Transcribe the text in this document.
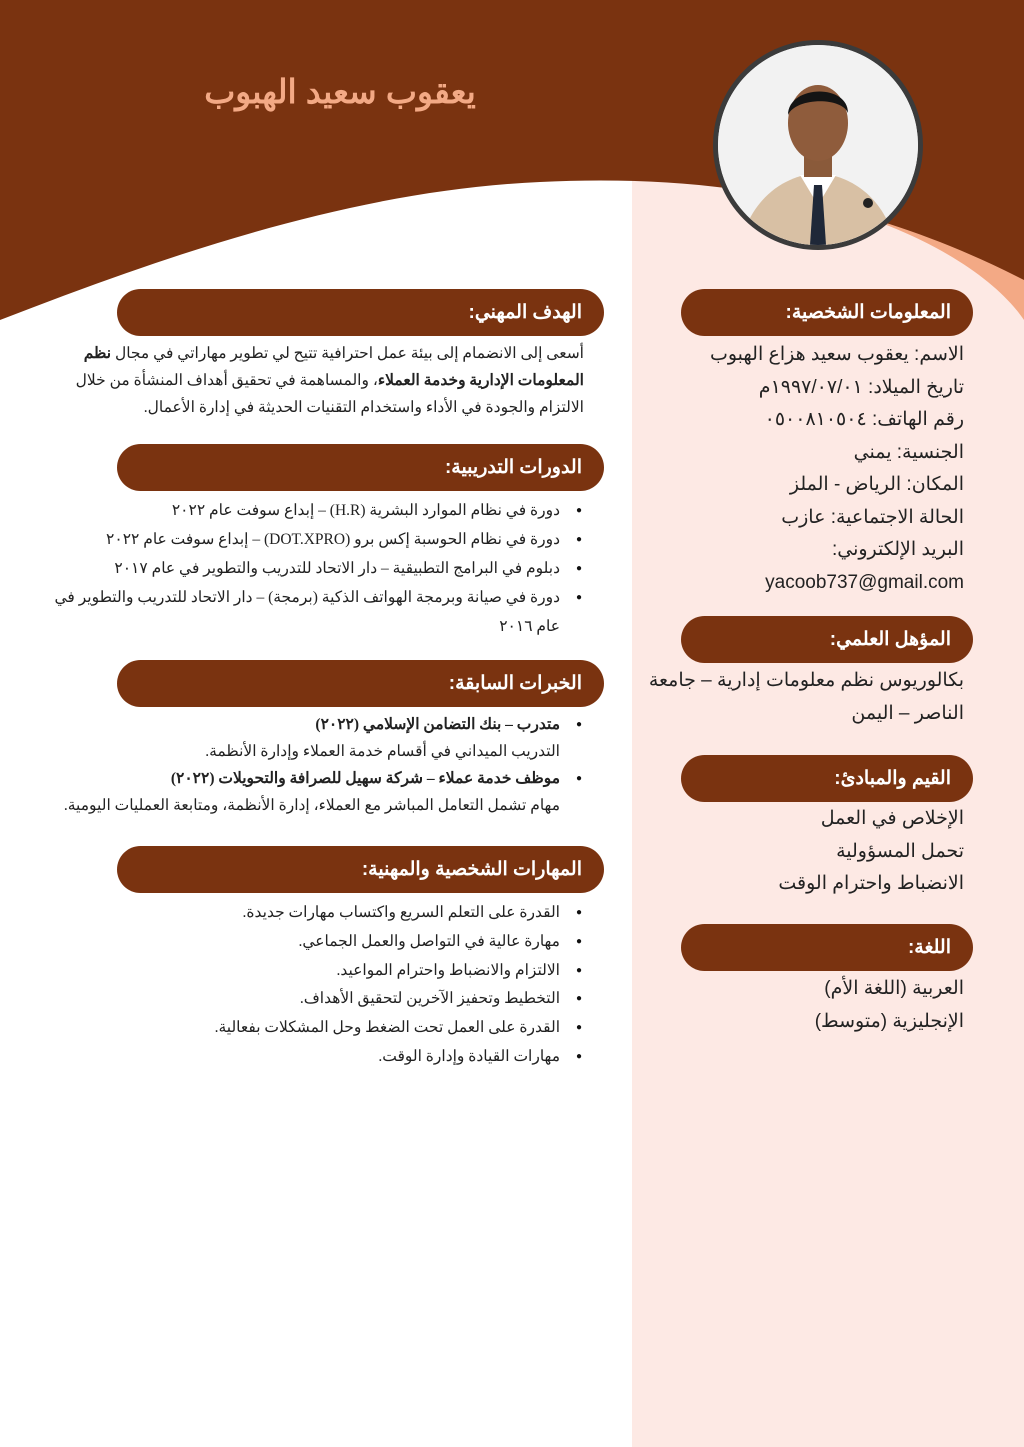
يعقوب سعيد الهبوب
المعلومات الشخصية:
الاسم: يعقوب سعيد هزاع الهبوب
تاريخ الميلاد: ١٩٩٧/٠٧/٠١م
رقم الهاتف: ٠٥٠٠٨١٠٥٠٤
الجنسية: يمني
المكان: الرياض - الملز
الحالة الاجتماعية: عازب
البريد الإلكتروني:
yacoob737@gmail.com
المؤهل العلمي:
بكالوريوس نظم معلومات إدارية – جامعة الناصر – اليمن
القيم والمبادئ:
الإخلاص في العمل
تحمل المسؤولية
الانضباط واحترام الوقت
اللغة:
العربية (اللغة الأم)
الإنجليزية (متوسط)
الهدف المهني:

أسعى إلى الانضمام إلى بيئة عمل احترافية تتيح لي تطوير مهاراتي في مجال نظم المعلومات الإدارية وخدمة العملاء، والمساهمة في تحقيق أهداف المنشأة من خلال الالتزام والجودة في الأداء واستخدام التقنيات الحديثة في إدارة الأعمال.

الدورات التدريبية:
● دورة في نظام الموارد البشرية (H.R) – إبداع سوفت عام ٢٠٢٢
● دورة في نظام الحوسبة إكس برو (DOT.XPRO) – إبداع سوفت عام ٢٠٢٢
● دبلوم في البرامج التطبيقية – دار الاتحاد للتدريب والتطوير في عام ٢٠١٧
● دورة في صيانة وبرمجة الهواتف الذكية (برمجة) – دار الاتحاد للتدريب والتطوير في عام ٢٠١٦
الخبرات السابقة:
● متدرب – بنك التضامن الإسلامي (٢٠٢٢)
التدريب الميداني في أقسام خدمة العملاء وإدارة الأنظمة.
● موظف خدمة عملاء – شركة سهيل للصرافة والتحويلات (٢٠٢٢)
مهام تشمل التعامل المباشر مع العملاء، إدارة الأنظمة، ومتابعة العمليات اليومية.
المهارات الشخصية والمهنية:
● القدرة على التعلم السريع واكتساب مهارات جديدة.
● مهارة عالية في التواصل والعمل الجماعي.
● الالتزام والانضباط واحترام المواعيد.
● التخطيط وتحفيز الآخرين لتحقيق الأهداف.
● القدرة على العمل تحت الضغط وحل المشكلات بفعالية.
● مهارات القيادة وإدارة الوقت.
